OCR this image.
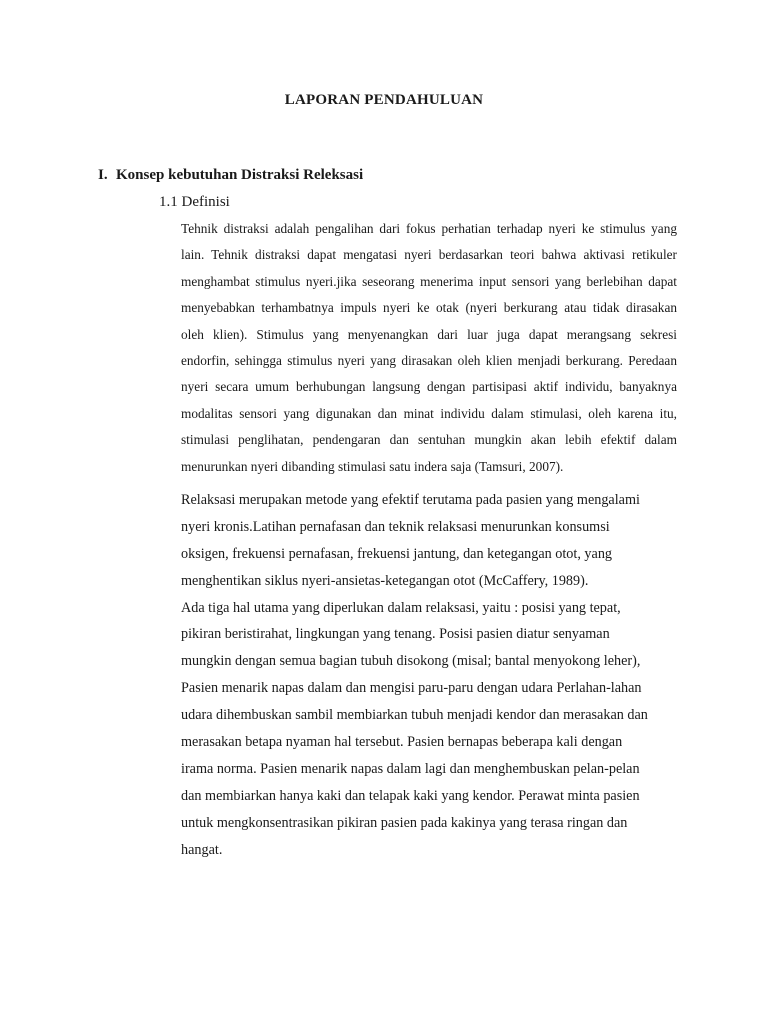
LAPORAN PENDAHULUAN
I. Konsep kebutuhan Distraksi Releksasi
1.1 Definisi
Tehnik distraksi adalah pengalihan dari fokus perhatian terhadap nyeri ke stimulus yang
lain. Tehnik distraksi dapat mengatasi nyeri berdasarkan teori bahwa aktivasi retikuler
menghambat stimulus nyeri.jika seseorang menerima input sensori yang berlebihan dapat
menyebabkan terhambatnya impuls nyeri ke otak (nyeri berkurang atau tidak dirasakan
oleh klien). Stimulus yang menyenangkan dari luar juga dapat merangsang sekresi
endorfin, sehingga stimulus nyeri yang dirasakan oleh klien menjadi berkurang. Peredaan
nyeri secara umum berhubungan langsung dengan partisipasi aktif individu, banyaknya
modalitas sensori yang digunakan dan minat individu dalam stimulasi, oleh karena itu,
stimulasi penglihatan, pendengaran dan sentuhan mungkin akan lebih efektif dalam
menurunkan nyeri dibanding stimulasi satu indera saja (Tamsuri, 2007).
Relaksasi merupakan metode yang efektif terutama pada pasien yang mengalami
nyeri kronis.Latihan pernafasan dan teknik relaksasi menurunkan konsumsi
oksigen, frekuensi pernafasan, frekuensi jantung, dan ketegangan otot, yang
menghentikan siklus nyeri-ansietas-ketegangan otot (McCaffery, 1989).
Ada tiga hal utama yang diperlukan dalam relaksasi, yaitu : posisi yang tepat,
pikiran beristirahat, lingkungan yang tenang. Posisi pasien diatur senyaman
mungkin dengan semua bagian tubuh disokong (misal; bantal menyokong leher),
Pasien menarik napas dalam dan mengisi paru-paru dengan udara Perlahan-lahan
udara dihembuskan sambil membiarkan tubuh menjadi kendor dan merasakan dan
merasakan betapa nyaman hal tersebut. Pasien bernapas beberapa kali dengan
irama norma. Pasien menarik napas dalam lagi dan menghembuskan pelan-pelan
dan membiarkan hanya kaki dan telapak kaki yang kendor. Perawat minta pasien
untuk mengkonsentrasikan pikiran pasien pada kakinya yang terasa ringan dan
hangat.
